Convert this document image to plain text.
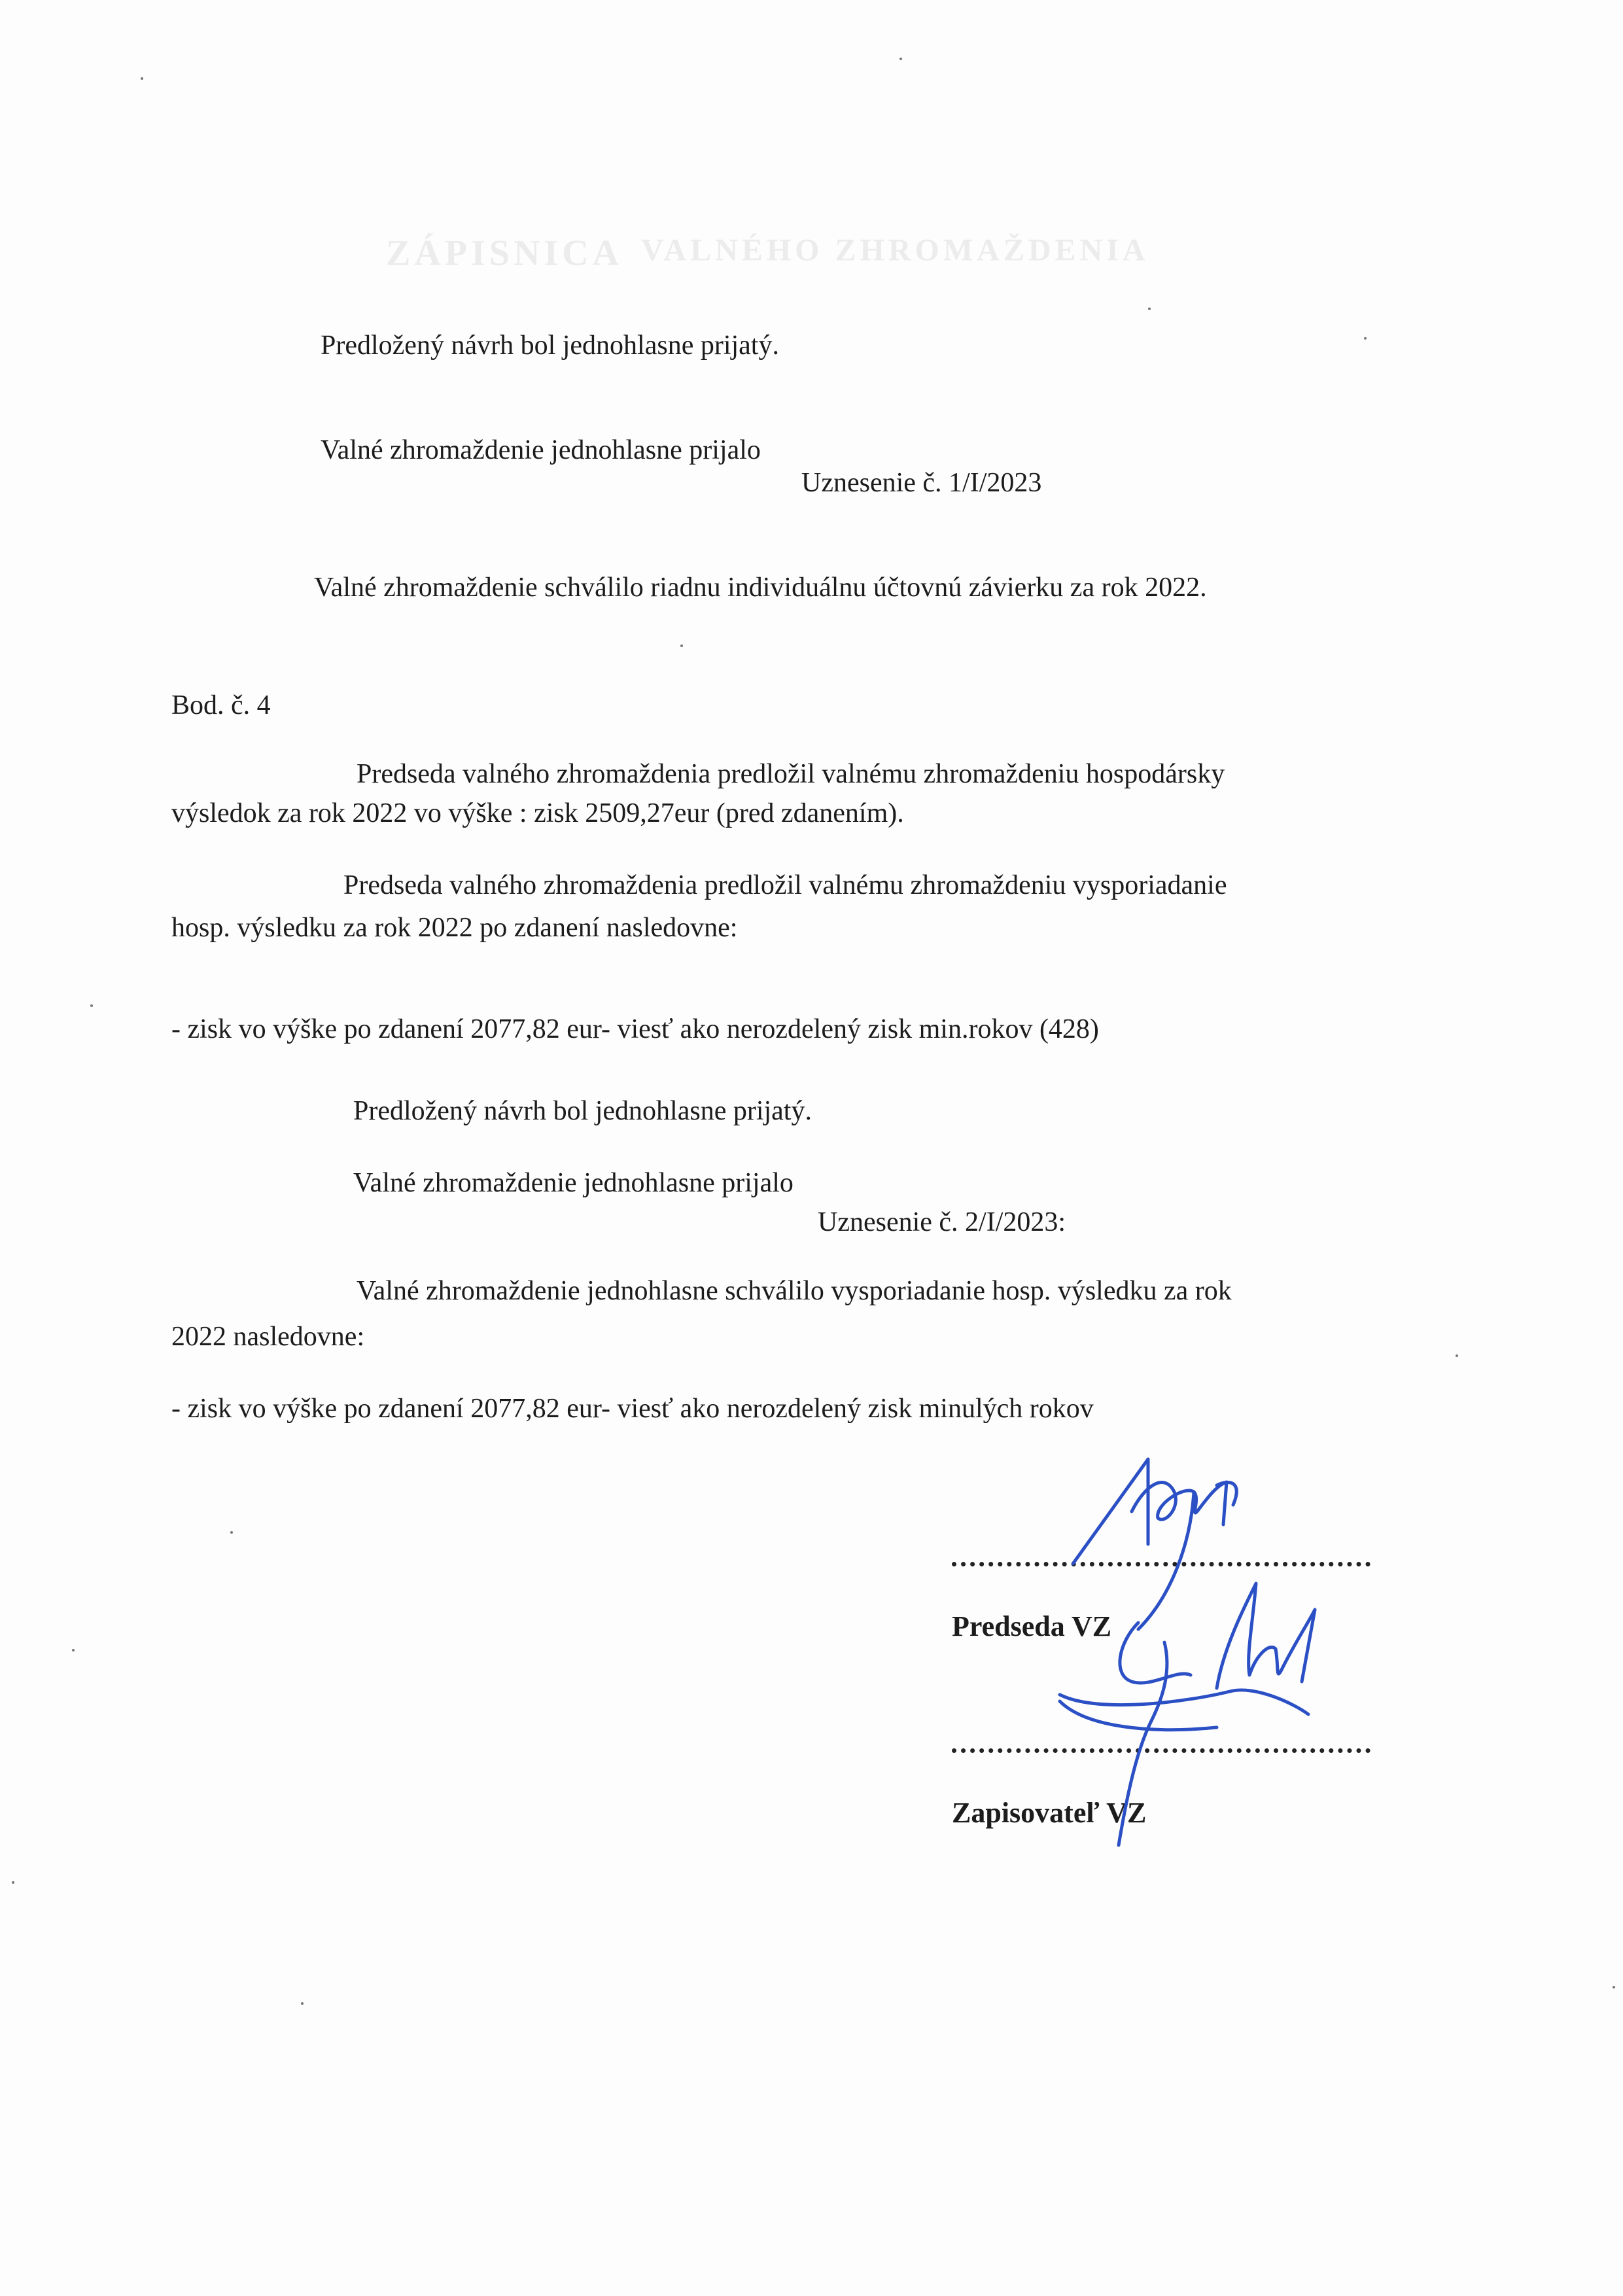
ZÁPISNICA VALNÉHO ZHROMAŽDENIA
Predložený návrh bol jednohlasne prijatý.
Valné zhromaždenie jednohlasne prijalo
Uznesenie č. 1/I/2023
Valné zhromaždenie schválilo riadnu individuálnu účtovnú závierku za rok 2022.
Bod. č. 4
Predseda valného zhromaždenia predložil valnému zhromaždeniu hospodársky
výsledok za rok 2022 vo výške : zisk 2509,27eur (pred zdanením).
Predseda valného zhromaždenia predložil valnému zhromaždeniu vysporiadanie
hosp. výsledku za rok 2022 po zdanení nasledovne:
- zisk vo výške po zdanení 2077,82 eur- viesť ako nerozdelený zisk min.rokov (428)
Predložený návrh bol jednohlasne prijatý.
Valné zhromaždenie jednohlasne prijalo
Uznesenie č. 2/I/2023:
Valné zhromaždenie jednohlasne schválilo vysporiadanie hosp. výsledku za rok
2022 nasledovne:
- zisk vo výške po zdanení 2077,82 eur- viesť ako nerozdelený zisk minulých rokov
Predseda VZ
Zapisovateľ VZ
